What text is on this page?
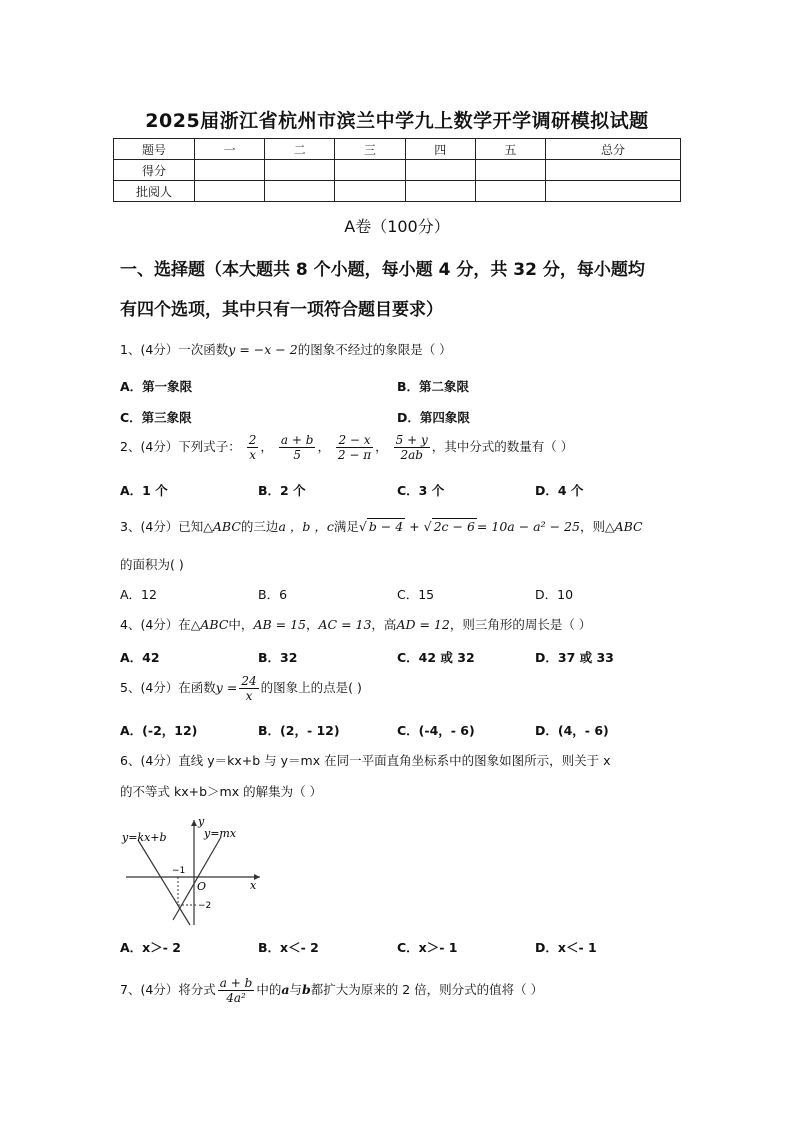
2025届浙江省杭州市滨兰中学九上数学开学调研模拟试题
题号	一	二	三	四	五	总分
得分						
批阅人						
A卷（100分）
一、选择题（本大题共 8 个小题，每小题 4 分，共 32 分，每小题均
有四个选项，其中只有一项符合题目要求）
1、(4分）一次函数y = −x − 2的图象不经过的象限是（ ）
A．第一象限	B．第二象限
C．第三象限	D．第四象限
2、(4分）下列式子： $\frac{2}{x}$ ， $\frac{a + b}{5}$ ， $\frac{2 - x}{2 - \pi}$ ， $\frac{5 + y}{2ab}$ ，其中分式的数量有（ ）
A．1 个	B．2 个	C．3 个	D．4 个
3、(4分）已知△ABC的三边a ，b ，c满足√ b − 4 + √ 2c − 6 = 10a − a² − 25，则△ABC
的面积为( )
A．12	B．6	C．15	D．10
4、(4分）在△ABC中，AB = 15，AC = 13，高AD = 12，则三角形的周长是（ ）
A．42	B．32	C．42 或 32	D．37 或 33
5、(4分）在函数$y = \frac{24}{x}$ 的图象上的点是( )
A．(-2，12)	B．(2，- 12)	C．(-4，- 6)	D．(4，- 6)
6、(4分）直线 y＝kx+b 与 y＝mx 在同一平面直角坐标系中的图象如图所示，则关于 x
的不等式 kx+b＞mx 的解集为（ ）
y=kx+b	y=mx
y
x
O
−1
−2
A．x＞- 2	B．x＜- 2	C．x＞- 1	D．x＜- 1
7、(4分）将分式 $\frac{a + b}{\text{4a²}}$ 中的a与b都扩大为原来的 2 倍，则分式的值将（ ）
